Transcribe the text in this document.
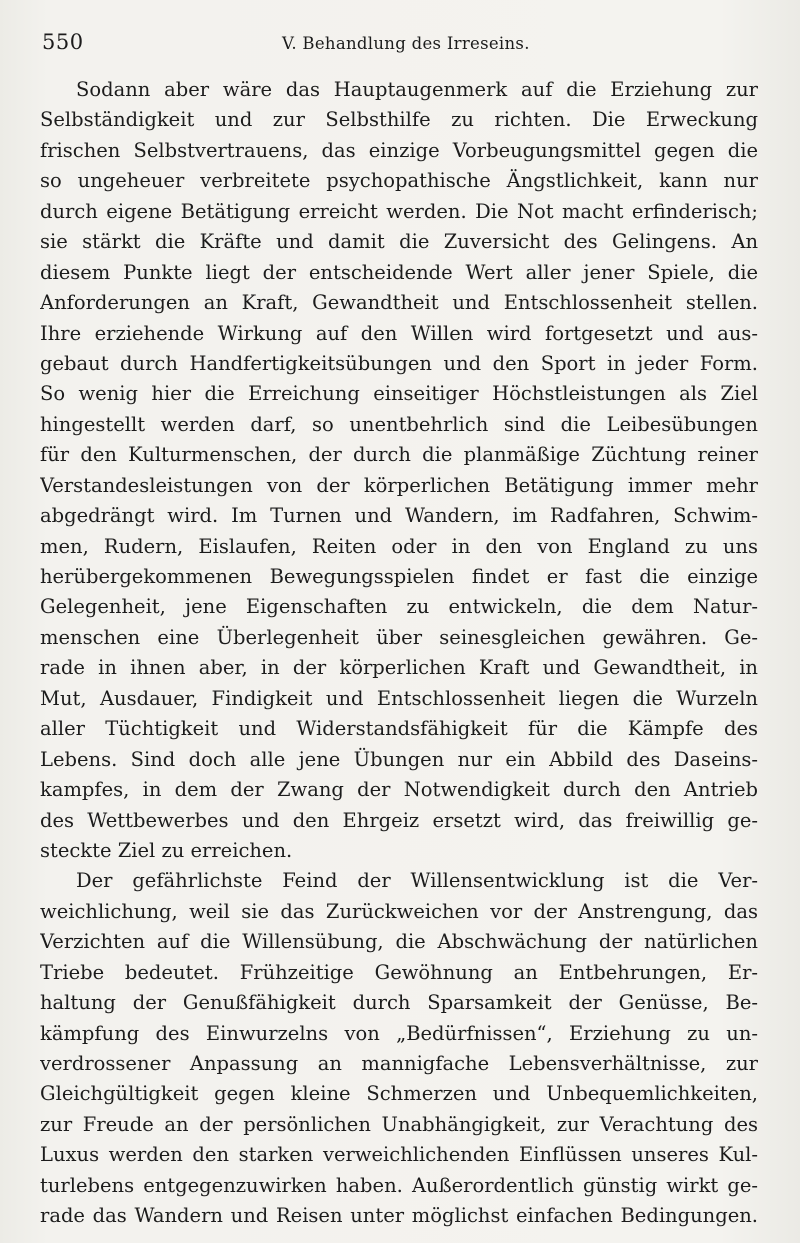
550	V. Behandlung des Irreseins.
Sodann aber wäre das Hauptaugenmerk auf die Erziehung zur
Selbständigkeit und zur Selbsthilfe zu richten. Die Erweckung
frischen Selbstvertrauens, das einzige Vorbeugungsmittel gegen die
so ungeheuer verbreitete psychopathische Ängstlichkeit, kann nur
durch eigene Betätigung erreicht werden. Die Not macht erfinderisch;
sie stärkt die Kräfte und damit die Zuversicht des Gelingens. An
diesem Punkte liegt der entscheidende Wert aller jener Spiele, die
Anforderungen an Kraft, Gewandtheit und Entschlossenheit stellen.
Ihre erziehende Wirkung auf den Willen wird fortgesetzt und aus-
gebaut durch Handfertigkeitsübungen und den Sport in jeder Form.
So wenig hier die Erreichung einseitiger Höchstleistungen als Ziel
hingestellt werden darf, so unentbehrlich sind die Leibesübungen
für den Kulturmenschen, der durch die planmäßige Züchtung reiner
Verstandesleistungen von der körperlichen Betätigung immer mehr
abgedrängt wird. Im Turnen und Wandern, im Radfahren, Schwim-
men, Rudern, Eislaufen, Reiten oder in den von England zu uns
herübergekommenen Bewegungsspielen findet er fast die einzige
Gelegenheit, jene Eigenschaften zu entwickeln, die dem Natur-
menschen eine Überlegenheit über seinesgleichen gewähren. Ge-
rade in ihnen aber, in der körperlichen Kraft und Gewandtheit, in
Mut, Ausdauer, Findigkeit und Entschlossenheit liegen die Wurzeln
aller Tüchtigkeit und Widerstandsfähigkeit für die Kämpfe des
Lebens. Sind doch alle jene Übungen nur ein Abbild des Daseins-
kampfes, in dem der Zwang der Notwendigkeit durch den Antrieb
des Wettbewerbes und den Ehrgeiz ersetzt wird, das freiwillig ge-
steckte Ziel zu erreichen.
Der gefährlichste Feind der Willensentwicklung ist die Ver-
weichlichung, weil sie das Zurückweichen vor der Anstrengung, das
Verzichten auf die Willensübung, die Abschwächung der natürlichen
Triebe bedeutet. Frühzeitige Gewöhnung an Entbehrungen, Er-
haltung der Genußfähigkeit durch Sparsamkeit der Genüsse, Be-
kämpfung des Einwurzelns von „Bedürfnissen“, Erziehung zu un-
verdrossener Anpassung an mannigfache Lebensverhältnisse, zur
Gleichgültigkeit gegen kleine Schmerzen und Unbequemlichkeiten,
zur Freude an der persönlichen Unabhängigkeit, zur Verachtung des
Luxus werden den starken verweichlichenden Einflüssen unseres Kul-
turlebens entgegenzuwirken haben. Außerordentlich günstig wirkt ge-
rade das Wandern und Reisen unter möglichst einfachen Bedingungen.
